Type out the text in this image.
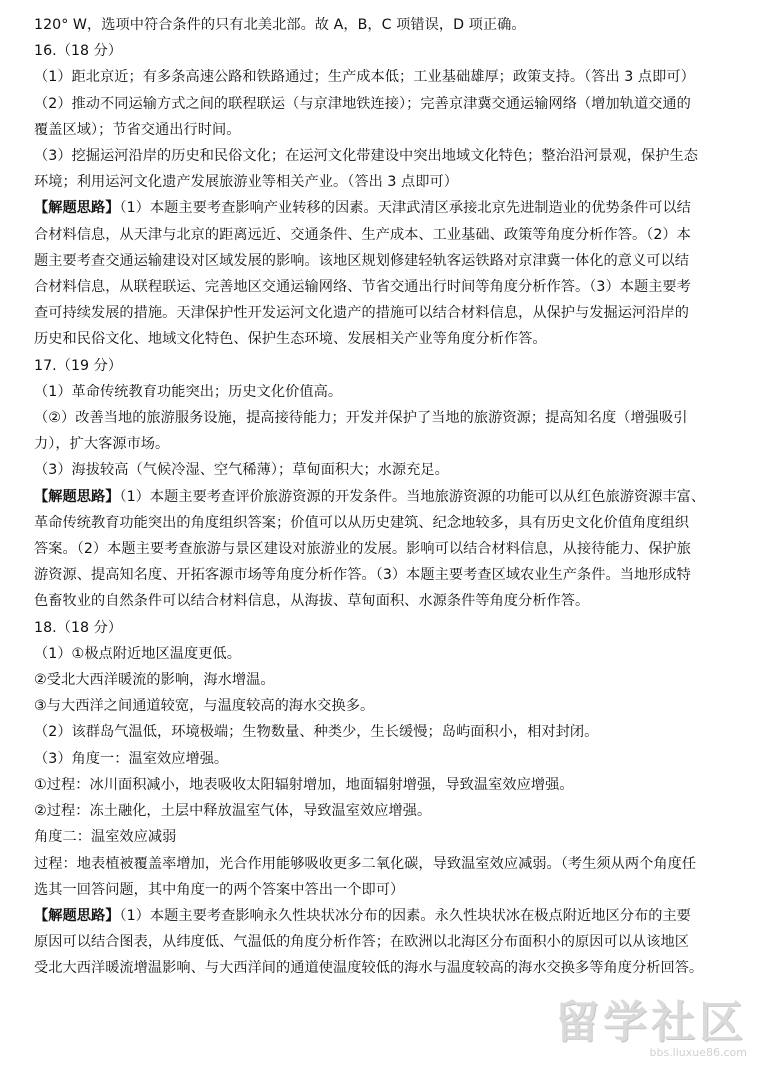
120° W，选项中符合条件的只有北美北部。故 A，B，C 项错误，D 项正确。
16.（18 分）
（1）距北京近；有多条高速公路和铁路通过；生产成本低；工业基础雄厚；政策支持。（答出 3 点即可）
（2）推动不同运输方式之间的联程联运（与京津地铁连接）；完善京津冀交通运输网络（增加轨道交通的
覆盖区域）；节省交通出行时间。
（3）挖掘运河沿岸的历史和民俗文化；在运河文化带建设中突出地域文化特色；整治沿河景观，保护生态
环境；利用运河文化遗产发展旅游业等相关产业。（答出 3 点即可）
【解题思路】（1）本题主要考查影响产业转移的因素。天津武清区承接北京先进制造业的优势条件可以结
合材料信息，从天津与北京的距离远近、交通条件、生产成本、工业基础、政策等角度分析作答。（2）本
题主要考查交通运输建设对区域发展的影响。该地区规划修建轻轨客运铁路对京津冀一体化的意义可以结
合材料信息，从联程联运、完善地区交通运输网络、节省交通出行时间等角度分析作答。（3）本题主要考
查可持续发展的措施。天津保护性开发运河文化遗产的措施可以结合材料信息，从保护与发掘运河沿岸的
历史和民俗文化、地域文化特色、保护生态环境、发展相关产业等角度分析作答。
17.（19 分）
（1）革命传统教育功能突出；历史文化价值高。
（②）改善当地的旅游服务设施，提高接待能力；开发并保护了当地的旅游资源；提高知名度（增强吸引
力），扩大客源市场。
（3）海拔较高（气候冷湿、空气稀薄）；草甸面积大；水源充足。
【解题思路】（1）本题主要考查评价旅游资源的开发条件。当地旅游资源的功能可以从红色旅游资源丰富、
革命传统教育功能突出的角度组织答案；价值可以从历史建筑、纪念地较多，具有历史文化价值角度组织
答案。（2）本题主要考查旅游与景区建设对旅游业的发展。影响可以结合材料信息，从接待能力、保护旅
游资源、提高知名度、开拓客源市场等角度分析作答。（3）本题主要考查区域农业生产条件。当地形成特
色畜牧业的自然条件可以结合材料信息，从海拔、草甸面积、水源条件等角度分析作答。
18.（18 分）
（1）①极点附近地区温度更低。
②受北大西洋暖流的影响，海水增温。
③与大西洋之间通道较宽，与温度较高的海水交换多。
（2）该群岛气温低，环境极端；生物数量、种类少，生长缓慢；岛屿面积小，相对封闭。
（3）角度一：温室效应增强。
①过程：冰川面积减小，地表吸收太阳辐射增加，地面辐射增强，导致温室效应增强。
②过程：冻土融化，土层中释放温室气体，导致温室效应增强。
角度二：温室效应减弱
过程：地表植被覆盖率增加，光合作用能够吸收更多二氧化碳，导致温室效应减弱。（考生须从两个角度任
选其一回答问题，其中角度一的两个答案中答出一个即可）
【解题思路】（1）本题主要考查影响永久性块状冰分布的因素。永久性块状冰在极点附近地区分布的主要
原因可以结合图表，从纬度低、气温低的角度分析作答；在欧洲以北海区分布面积小的原因可以从该地区
受北大西洋暖流增温影响、与大西洋间的通道使温度较低的海水与温度较高的海水交换多等角度分析回答。
留学社区
bbs.liuxue86.com
